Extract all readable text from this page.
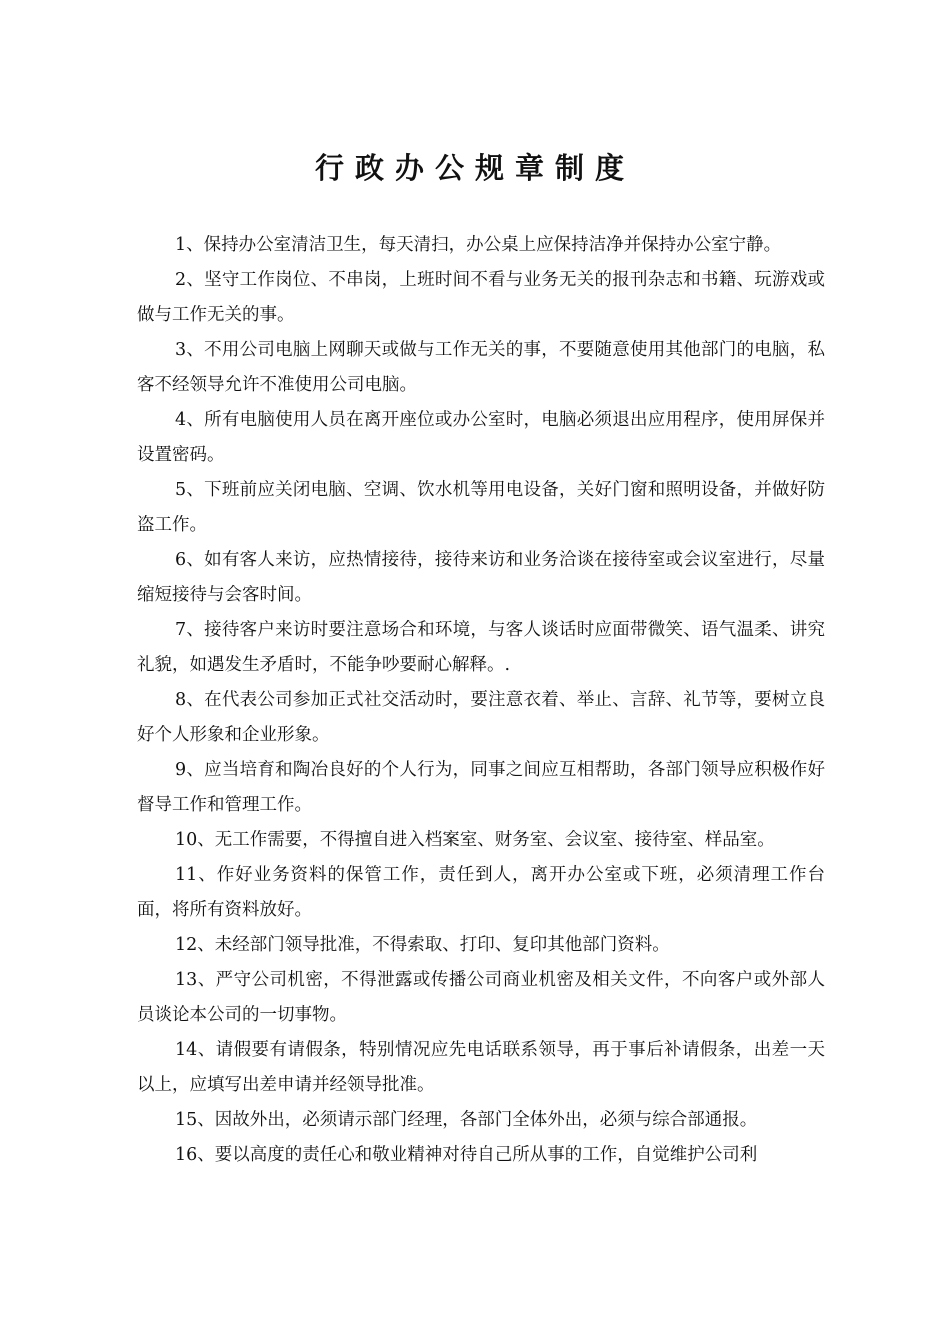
行政办公规章制度

1、保持办公室清洁卫生，每天清扫，办公桌上应保持洁净并保持办公室宁静。

2、坚守工作岗位、不串岗，上班时间不看与业务无关的报刊杂志和书籍、玩游戏或做与工作无关的事。

3、不用公司电脑上网聊天或做与工作无关的事，不要随意使用其他部门的电脑，私客不经领导允许不准使用公司电脑。

4、所有电脑使用人员在离开座位或办公室时，电脑必须退出应用程序，使用屏保并设置密码。

5、下班前应关闭电脑、空调、饮水机等用电设备，关好门窗和照明设备，并做好防盗工作。

6、如有客人来访，应热情接待，接待来访和业务洽谈在接待室或会议室进行，尽量缩短接待与会客时间。

7、接待客户来访时要注意场合和环境，与客人谈话时应面带微笑、语气温柔、讲究礼貌，如遇发生矛盾时，不能争吵要耐心解释。.

8、在代表公司参加正式社交活动时，要注意衣着、举止、言辞、礼节等，要树立良好个人形象和企业形象。

9、应当培育和陶冶良好的个人行为，同事之间应互相帮助，各部门领导应积极作好督导工作和管理工作。

10、无工作需要，不得擅自进入档案室、财务室、会议室、接待室、样品室。

11、作好业务资料的保管工作，责任到人，离开办公室或下班，必须清理工作台面，将所有资料放好。

12、未经部门领导批准，不得索取、打印、复印其他部门资料。

13、严守公司机密，不得泄露或传播公司商业机密及相关文件，不向客户或外部人员谈论本公司的一切事物。

14、请假要有请假条，特别情况应先电话联系领导，再于事后补请假条，出差一天以上，应填写出差申请并经领导批准。

15、因故外出，必须请示部门经理，各部门全体外出，必须与综合部通报。

16、要以高度的责任心和敬业精神对待自己所从事的工作，自觉维护公司利
